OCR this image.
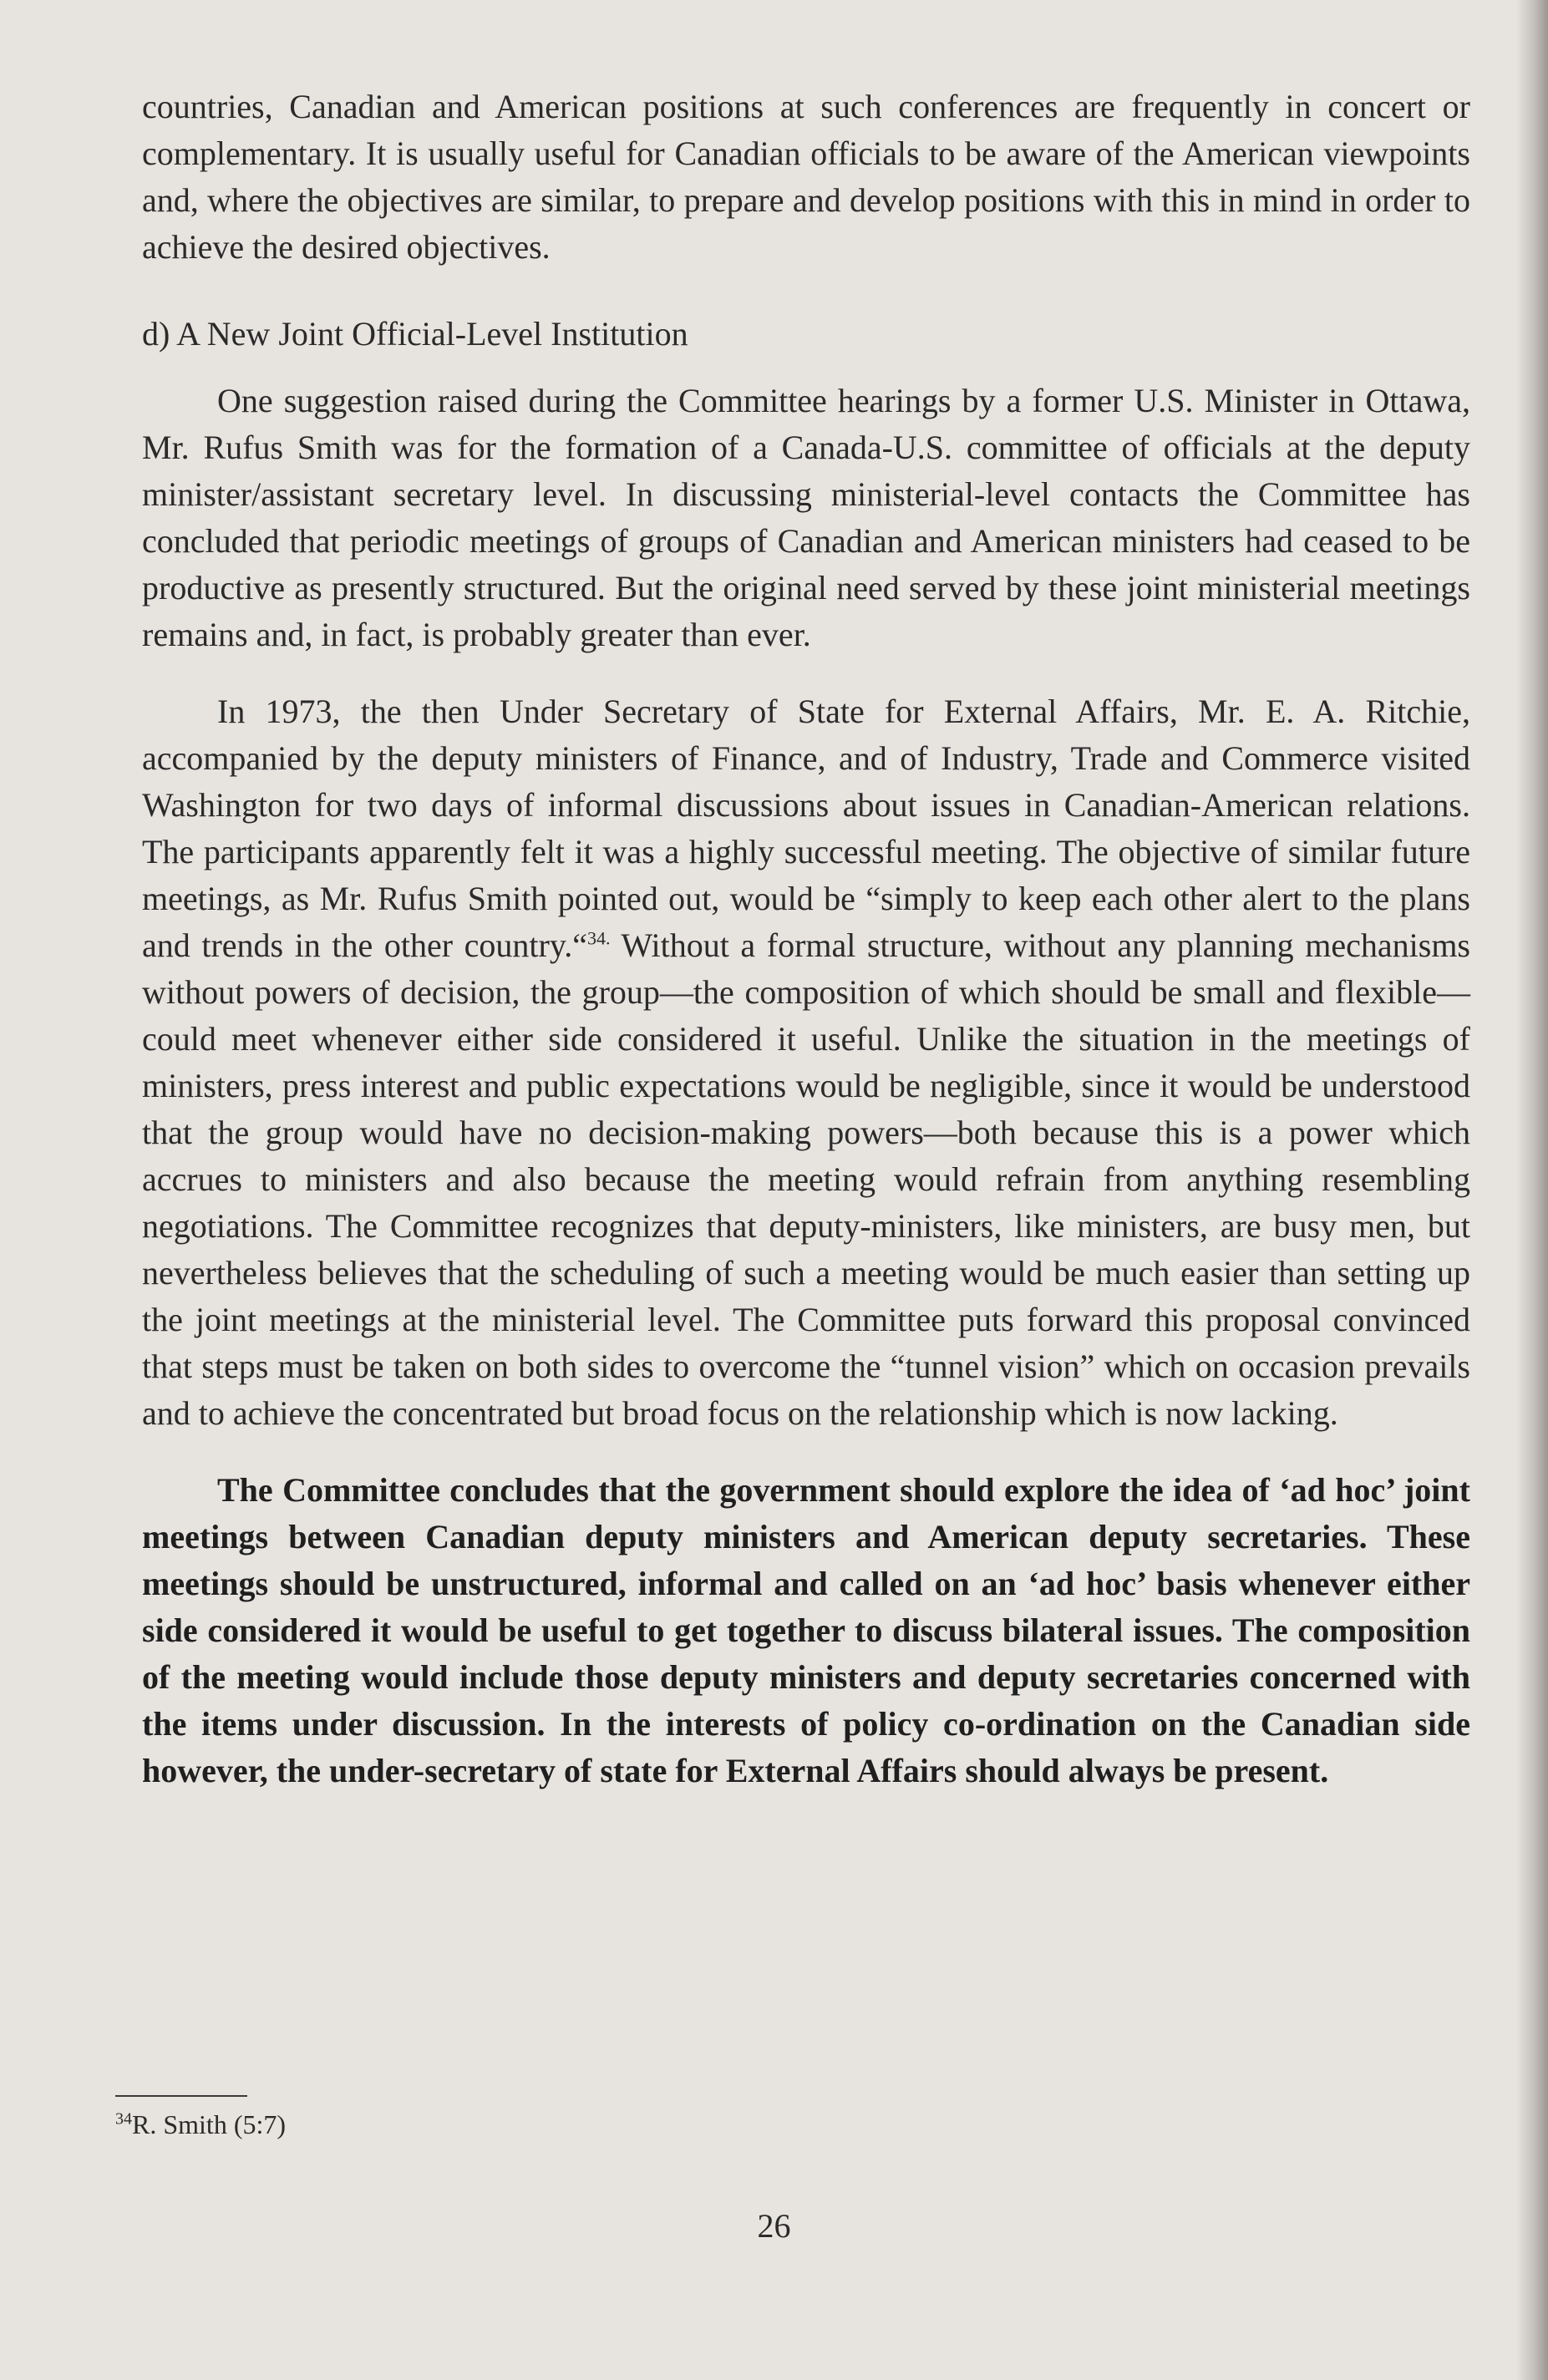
countries, Canadian and American positions at such conferences are frequently in concert or complementary. It is usually useful for Canadian officials to be aware of the American viewpoints and, where the objectives are similar, to prepare and develop positions with this in mind in order to achieve the desired objectives.

d) A New Joint Official-Level Institution

One suggestion raised during the Committee hearings by a former U.S. Minister in Ottawa, Mr. Rufus Smith was for the formation of a Canada-U.S. committee of officials at the deputy minister/assistant secretary level. In discussing ministerial-level contacts the Committee has concluded that periodic meetings of groups of Canadian and American ministers had ceased to be productive as presently structured. But the original need served by these joint ministerial meetings remains and, in fact, is probably greater than ever.

In 1973, the then Under Secretary of State for External Affairs, Mr. E. A. Ritchie, accompanied by the deputy ministers of Finance, and of Industry, Trade and Commerce visited Washington for two days of informal discussions about issues in Canadian-American relations. The participants apparently felt it was a highly successful meeting. The objective of similar future meetings, as Mr. Rufus Smith pointed out, would be “simply to keep each other alert to the plans and trends in the other country.“$^{34.}$ Without a formal structure, without any planning mechanisms without powers of decision, the group—the composition of which should be small and flexible—could meet whenever either side considered it useful. Unlike the situation in the meetings of ministers, press interest and public expectations would be negligible, since it would be understood that the group would have no decision-making powers—both because this is a power which accrues to ministers and also because the meeting would refrain from anything resembling negotiations. The Committee recognizes that deputy-ministers, like ministers, are busy men, but nevertheless believes that the scheduling of such a meeting would be much easier than setting up the joint meetings at the ministerial level. The Committee puts forward this proposal convinced that steps must be taken on both sides to overcome the “tunnel vision” which on occasion prevails and to achieve the concentrated but broad focus on the relationship which is now lacking.

The Committee concludes that the government should explore the idea of ‘ad hoc’ joint meetings between Canadian deputy ministers and American deputy secretaries. These meetings should be unstructured, informal and called on an ‘ad hoc’ basis whenever either side considered it would be useful to get together to discuss bilateral issues. The composition of the meeting would include those deputy ministers and deputy secretaries concerned with the items under discussion. In the interests of policy co-ordination on the Canadian side however, the under-secretary of state for External Affairs should always be present.

$^{34}$R. Smith (5:7)
26
